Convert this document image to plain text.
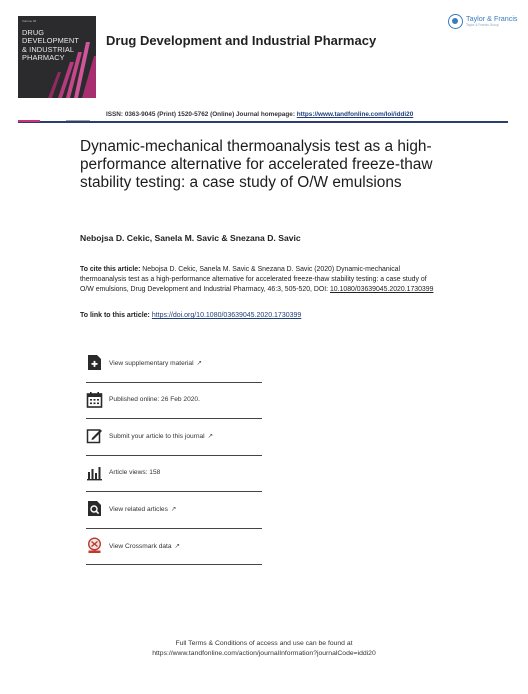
Volume 46
DRUG DEVELOPMENT
& INDUSTRIAL
PHARMACY
Drug Development and Industrial Pharmacy
Taylor & Francis
Taylor & Francis Group
ISSN: 0363-9045 (Print) 1520-5762 (Online) Journal homepage: https://www.tandfonline.com/loi/iddi20
Dynamic-mechanical thermoanalysis test as a high-performance alternative for accelerated freeze-thaw stability testing: a case study of O/W emulsions
Nebojsa D. Cekic, Sanela M. Savic & Snezana D. Savic
To cite this article: Nebojsa D. Cekic, Sanela M. Savic & Snezana D. Savic (2020) Dynamic-mechanical thermoanalysis test as a high-performance alternative for accelerated freeze-thaw stability testing: a case study of O/W emulsions, Drug Development and Industrial Pharmacy, 46:3, 505-520, DOI: 10.1080/03639045.2020.1730399
To link to this article: https://doi.org/10.1080/03639045.2020.1730399
View supplementary material ↗
Published online: 26 Feb 2020.
Submit your article to this journal ↗
Article views: 158
View related articles ↗
View Crossmark data ↗
Full Terms & Conditions of access and use can be found at
https://www.tandfonline.com/action/journalInformation?journalCode=iddi20
